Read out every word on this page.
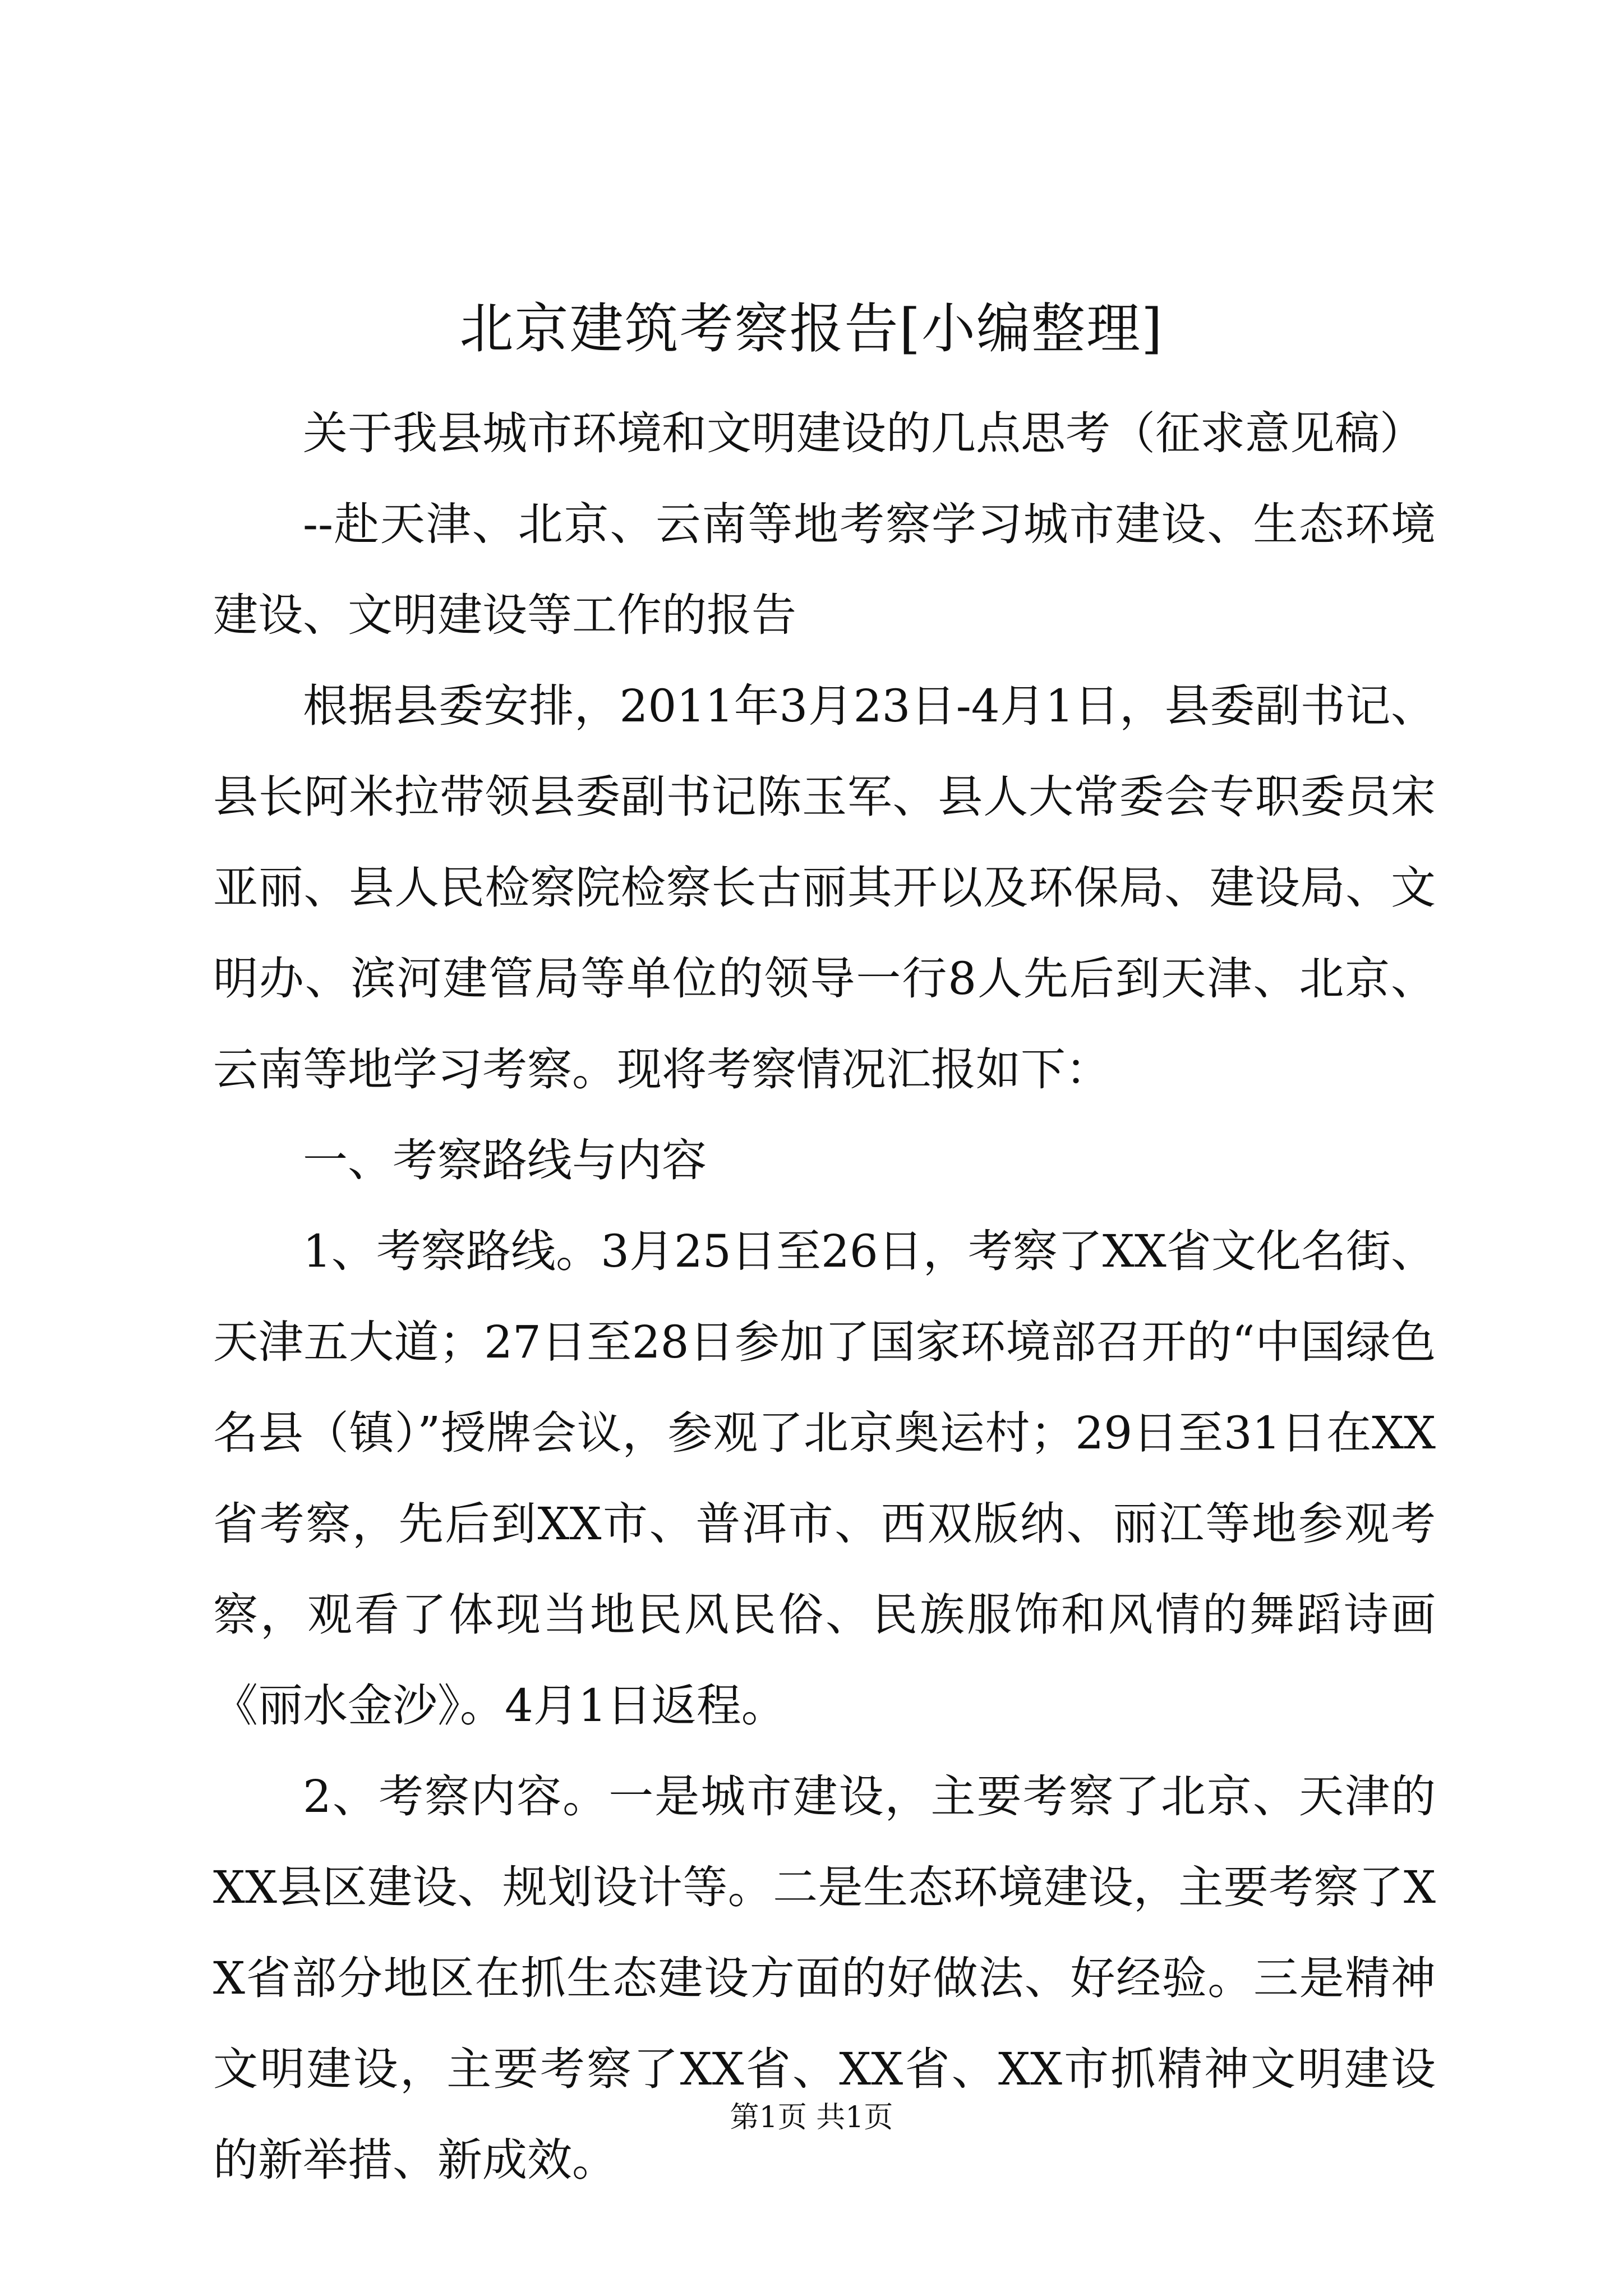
北京建筑考察报告[小编整理]

关于我县城市环境和文明建设的几点思考（征求意见稿）

--赴天津、北京、云南等地考察学习城市建设、生态环境建设、文明建设等工作的报告

根据县委安排，2011年3月23日-4月1日，县委副书记、县长阿米拉带领县委副书记陈玉军、县人大常委会专职委员宋亚丽、县人民检察院检察长古丽其开以及环保局、建设局、文明办、滨河建管局等单位的领导一行8人先后到天津、北京、云南等地学习考察。现将考察情况汇报如下：

一、考察路线与内容

1、考察路线。3月25日至26日，考察了XX省文化名街、天津五大道；27日至28日参加了国家环境部召开的“中国绿色名县（镇）”授牌会议，参观了北京奥运村；29日至31日在XX省考察，先后到XX市、普洱市、西双版纳、丽江等地参观考察，观看了体现当地民风民俗、民族服饰和风情的舞蹈诗画《丽水金沙》。4月1日返程。

2、考察内容。一是城市建设，主要考察了北京、天津的XX县区建设、规划设计等。二是生态环境建设，主要考察了XX省部分地区在抓生态建设方面的好做法、好经验。三是精神文明建设，主要考察了XX省、XX省、XX市抓精神文明建设的新举措、新成效。

第1页 共1页
